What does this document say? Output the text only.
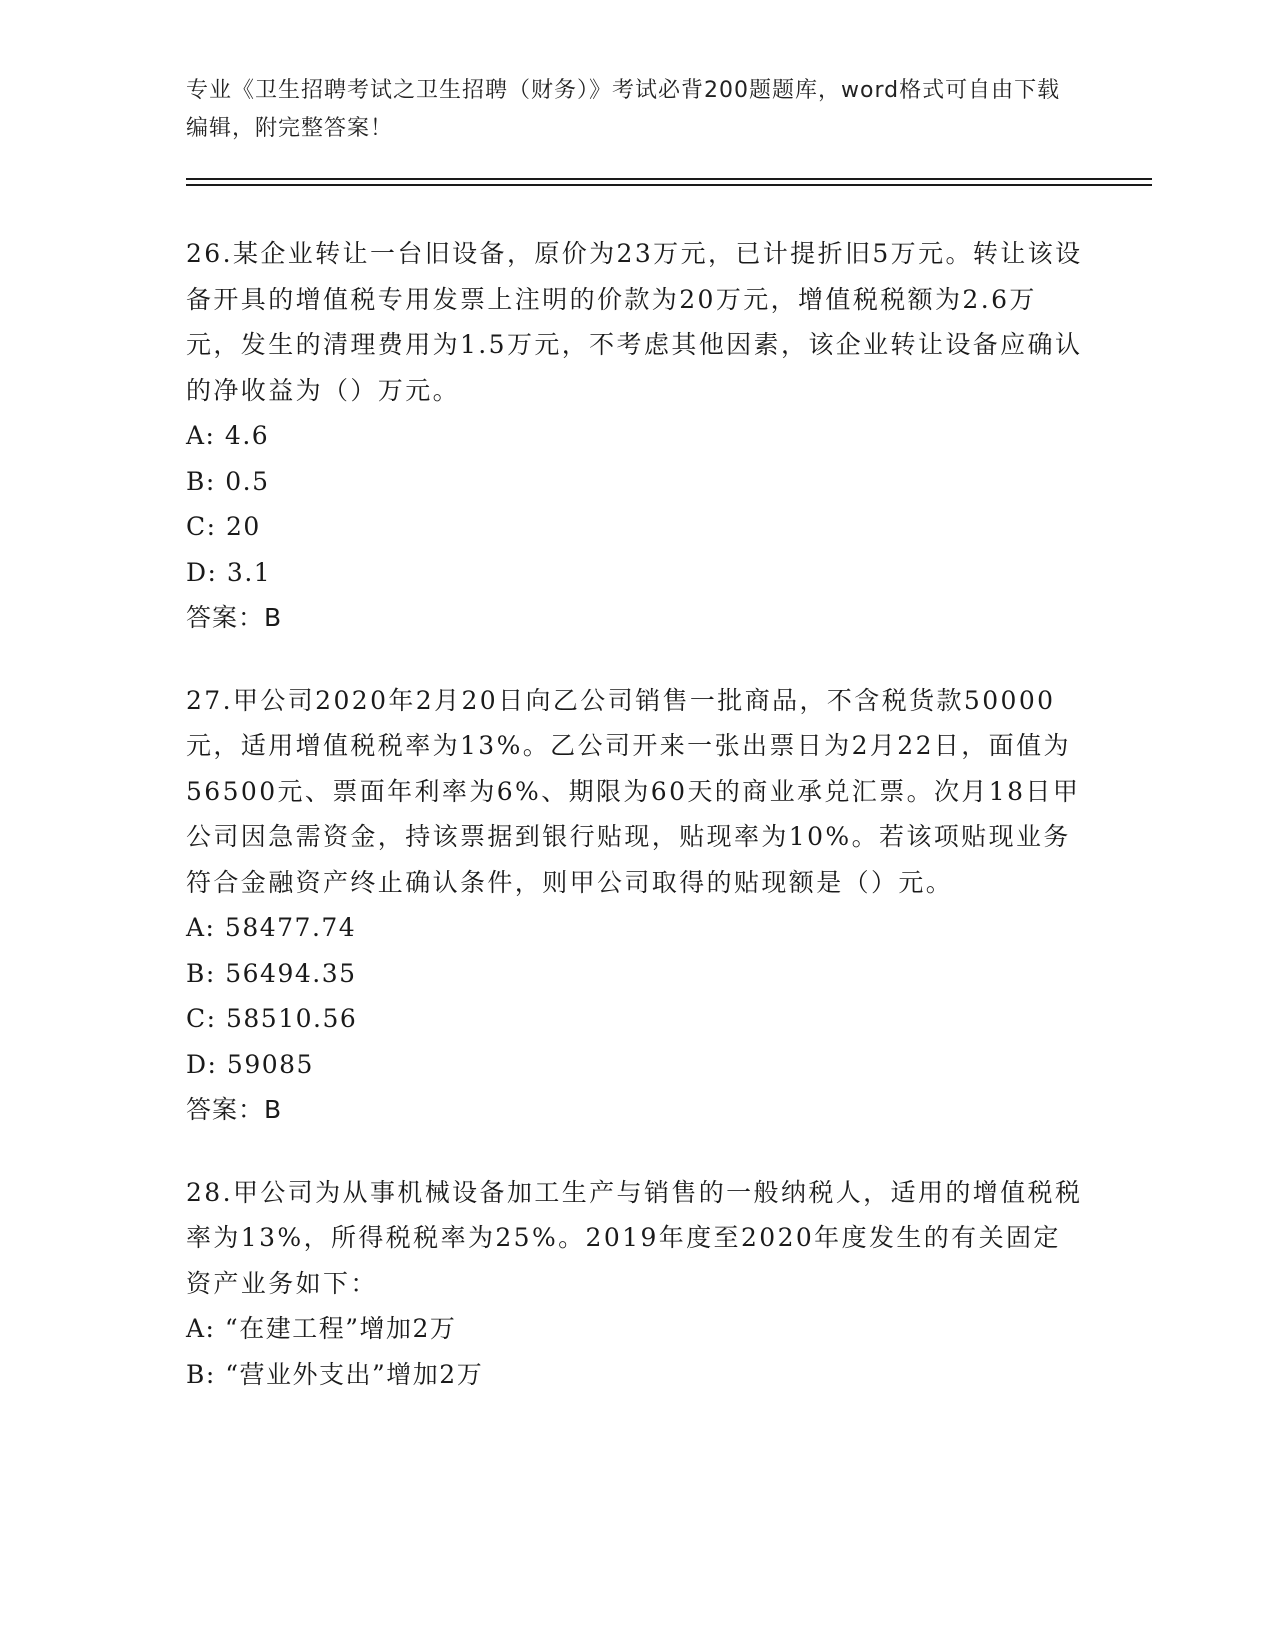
专业《卫生招聘考试之卫生招聘（财务）》考试必背200题题库，word格式可自由下载编辑，附完整答案！

26.某企业转让一台旧设备，原价为23万元，已计提折旧5万元。转让该设备开具的增值税专用发票上注明的价款为20万元，增值税税额为2.6万元，发生的清理费用为1.5万元，不考虑其他因素，该企业转让设备应确认的净收益为（）万元。

A: 4.6

B: 0.5

C: 20

D: 3.1

答案：B

27.甲公司2020年2月20日向乙公司销售一批商品，不含税货款50000元，适用增值税税率为13%。乙公司开来一张出票日为2月22日，面值为56500元、票面年利率为6%、期限为60天的商业承兑汇票。次月18日甲公司因急需资金，持该票据到银行贴现，贴现率为10%。若该项贴现业务符合金融资产终止确认条件，则甲公司取得的贴现额是（）元。

A: 58477.74

B: 56494.35

C: 58510.56

D: 59085

答案：B

28.甲公司为从事机械设备加工生产与销售的一般纳税人，适用的增值税税率为13%，所得税税率为25%。2019年度至2020年度发生的有关固定资产业务如下：

A: “在建工程”增加2万

B: “营业外支出”增加2万
